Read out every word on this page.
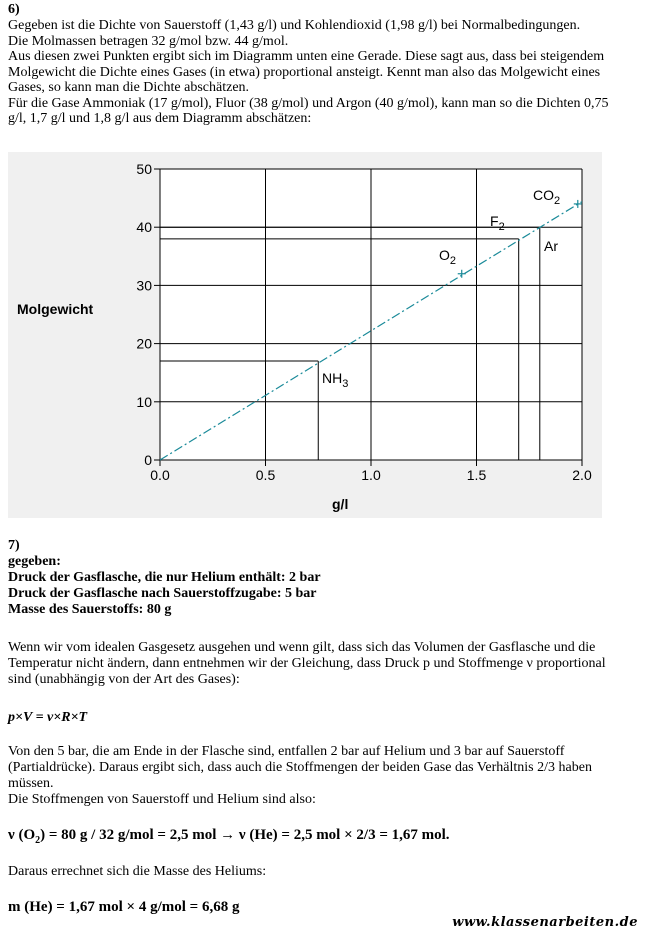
6)

Gegeben ist die Dichte von Sauerstoff (1,43 g/l) und Kohlendioxid (1,98 g/l) bei Normalbedingungen.

Die Molmassen betragen 32 g/mol bzw. 44 g/mol.

Aus diesen zwei Punkten ergibt sich im Diagramm unten eine Gerade. Diese sagt aus, dass bei steigendem

Molgewicht die Dichte eines Gases (in etwa) proportional ansteigt. Kennt man also das Molgewicht eines

Gases, so kann man die Dichte abschätzen.

Für die Gase Ammoniak (17 g/mol), Fluor (38 g/mol) und Argon (40 g/mol), kann man so die Dichten 0,75

g/l, 1,7 g/l und 1,8 g/l aus dem Diagramm abschätzen:

0
10
20
30
40
50
0.0	0.5	1.0	1.5	2.0
Molgewicht
g/l
$CO_2$
$F_2$
Ar
$O_2$
$NH_3$

7)

gegeben:

Druck der Gasflasche, die nur Helium enthält: 2 bar

Druck der Gasflasche nach Sauerstoffzugabe: 5 bar

Masse des Sauerstoffs: 80 g

Wenn wir vom idealen Gasgesetz ausgehen und wenn gilt, dass sich das Volumen der Gasflasche und die

Temperatur nicht ändern, dann entnehmen wir der Gleichung, dass Druck p und Stoffmenge ν proportional

sind (unabhängig von der Art des Gases):

p×V = ν×R×T

Von den 5 bar, die am Ende in der Flasche sind, entfallen 2 bar auf Helium und 3 bar auf Sauerstoff

(Partialdrücke). Daraus ergibt sich, dass auch die Stoffmengen der beiden Gase das Verhältnis 2/3 haben

müssen.

Die Stoffmengen von Sauerstoff und Helium sind also:

ν $(O_2) = 80$ g / 32 g/mol = 2,5 mol → ν (He) = 2,5 mol × 2/3 = 1,67 mol.

Daraus errechnet sich die Masse des Heliums:

m (He) = 1,67 mol × 4 g/mol = 6,68 g

www.klassenarbeiten.de
